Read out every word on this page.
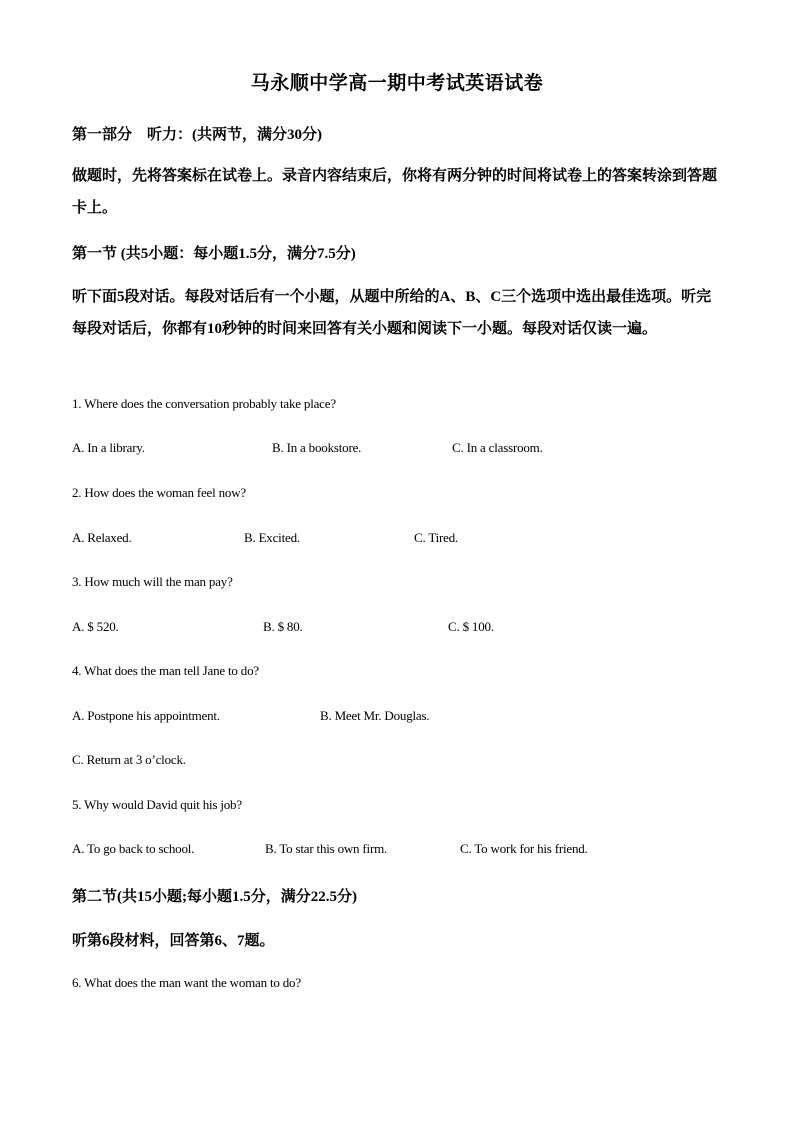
马永顺中学高一期中考试英语试卷
第一部分　听力：(共两节，满分30分)
做题时，先将答案标在试卷上。录音内容结束后，你将有两分钟的时间将试卷上的答案转涂到答题卡上。
第一节 (共5小题：每小题1.5分，满分7.5分)
听下面5段对话。每段对话后有一个小题，从题中所给的A、B、C三个选项中选出最佳选项。听完每段对话后，你都有10秒钟的时间来回答有关小题和阅读下一小题。每段对话仅读一遍。
1. Where does the conversation probably take place?
A. In a library.	B. In a bookstore.	C. In a classroom.
2. How does the woman feel now?
A. Relaxed.	B. Excited.	C. Tired.
3. How much will the man pay?
A. $ 520.	B. $ 80.	C. $ 100.
4. What does the man tell Jane to do?
A. Postpone his appointment.	B. Meet Mr. Douglas.
C. Return at 3 o’clock.
5. Why would David quit his job?
A. To go back to school.	B. To star this own firm.	C. To work for his friend.
第二节(共15小题;每小题1.5分，满分22.5分)
听第6段材料，回答第6、7题。
6. What does the man want the woman to do?
